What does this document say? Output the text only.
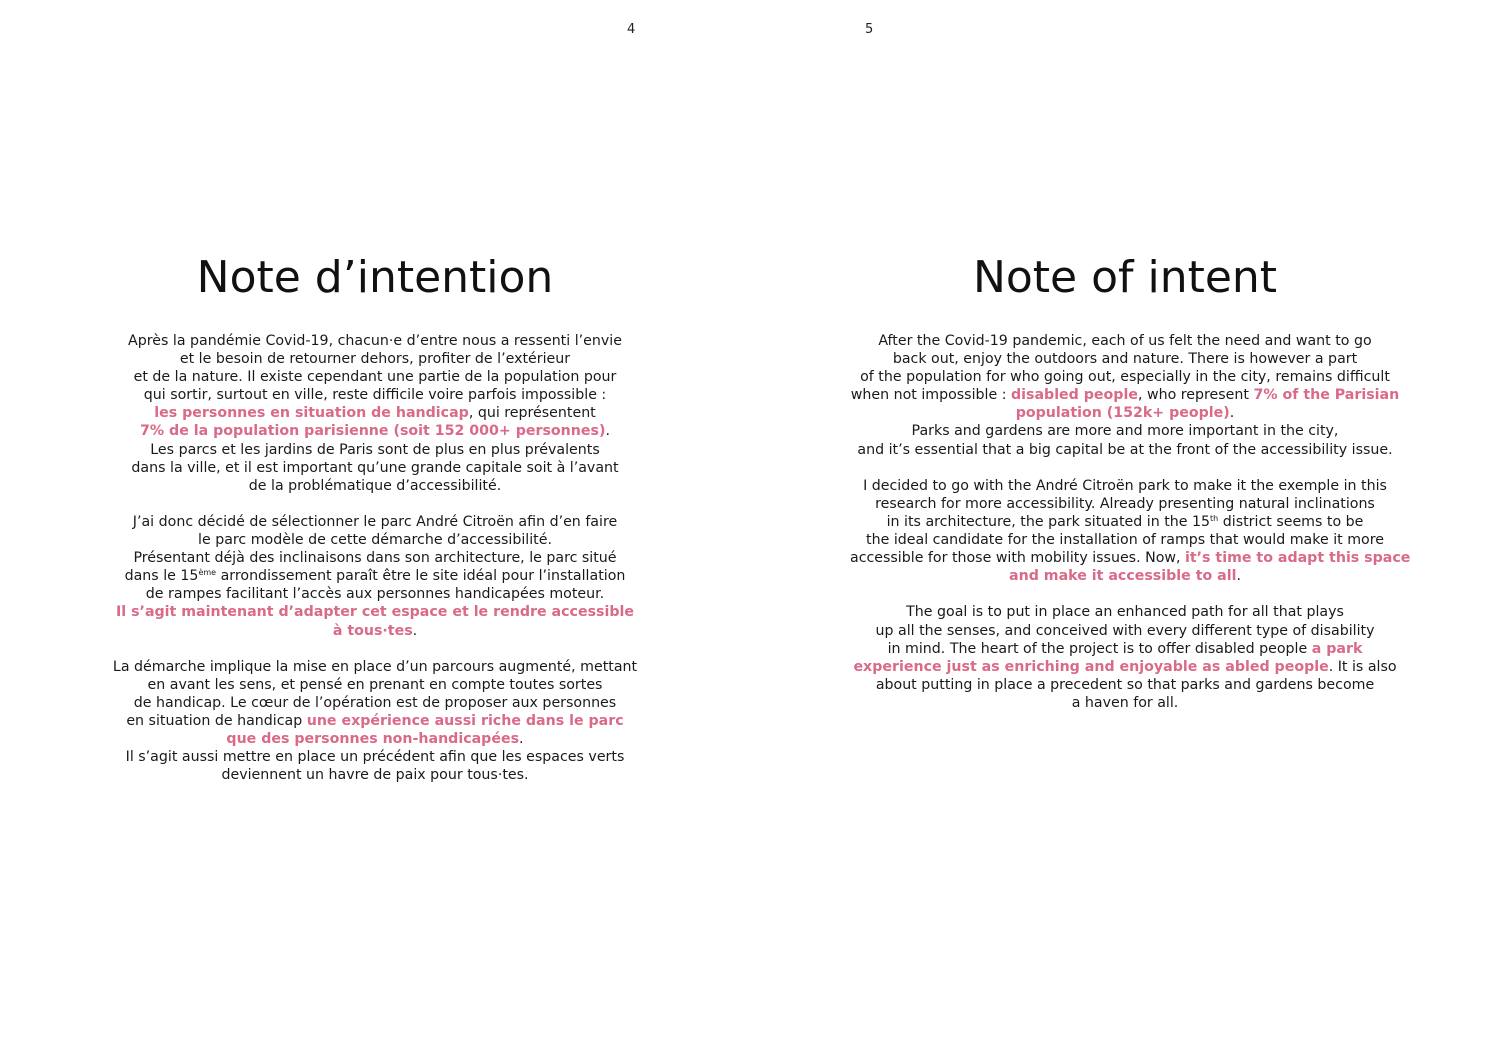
4	5
Note d’intention
Après la pandémie Covid-19, chacun·e d’entre nous a ressenti l’envie
et le besoin de retourner dehors, profiter de l’extérieur
et de la nature. Il existe cependant une partie de la population pour
qui sortir, surtout en ville, reste difficile voire parfois impossible :
les personnes en situation de handicap, qui représentent
7% de la population parisienne (soit 152 000+ personnes).
Les parcs et les jardins de Paris sont de plus en plus prévalents
dans la ville, et il est important qu’une grande capitale soit à l’avant
de la problématique d’accessibilité.
J’ai donc décidé de sélectionner le parc André Citroën afin d’en faire
le parc modèle de cette démarche d’accessibilité.
Présentant déjà des inclinaisons dans son architecture, le parc situé
dans le 15ème arrondissement paraît être le site idéal pour l’installation
de rampes facilitant l’accès aux personnes handicapées moteur.
Il s’agit maintenant d’adapter cet espace et le rendre accessible
à tous·tes.
La démarche implique la mise en place d’un parcours augmenté, mettant
en avant les sens, et pensé en prenant en compte toutes sortes
de handicap. Le cœur de l’opération est de proposer aux personnes
en situation de handicap une expérience aussi riche dans le parc
que des personnes non-handicapées.
Il s’agit aussi mettre en place un précédent afin que les espaces verts
deviennent un havre de paix pour tous·tes.
Note of intent
After the Covid-19 pandemic, each of us felt the need and want to go
back out, enjoy the outdoors and nature. There is however a part
of the population for who going out, especially in the city, remains difficult
when not impossible : disabled people, who represent 7% of the Parisian
population (152k+ people).
Parks and gardens are more and more important in the city,
and it’s essential that a big capital be at the front of the accessibility issue.
I decided to go with the André Citroën park to make it the exemple in this
research for more accessibility. Already presenting natural inclinations
in its architecture, the park situated in the 15th district seems to be
the ideal candidate for the installation of ramps that would make it more
accessible for those with mobility issues. Now, it’s time to adapt this space
and make it accessible to all.
The goal is to put in place an enhanced path for all that plays
up all the senses, and conceived with every different type of disability
in mind. The heart of the project is to offer disabled people a park
experience just as enriching and enjoyable as abled people. It is also
about putting in place a precedent so that parks and gardens become
a haven for all.
